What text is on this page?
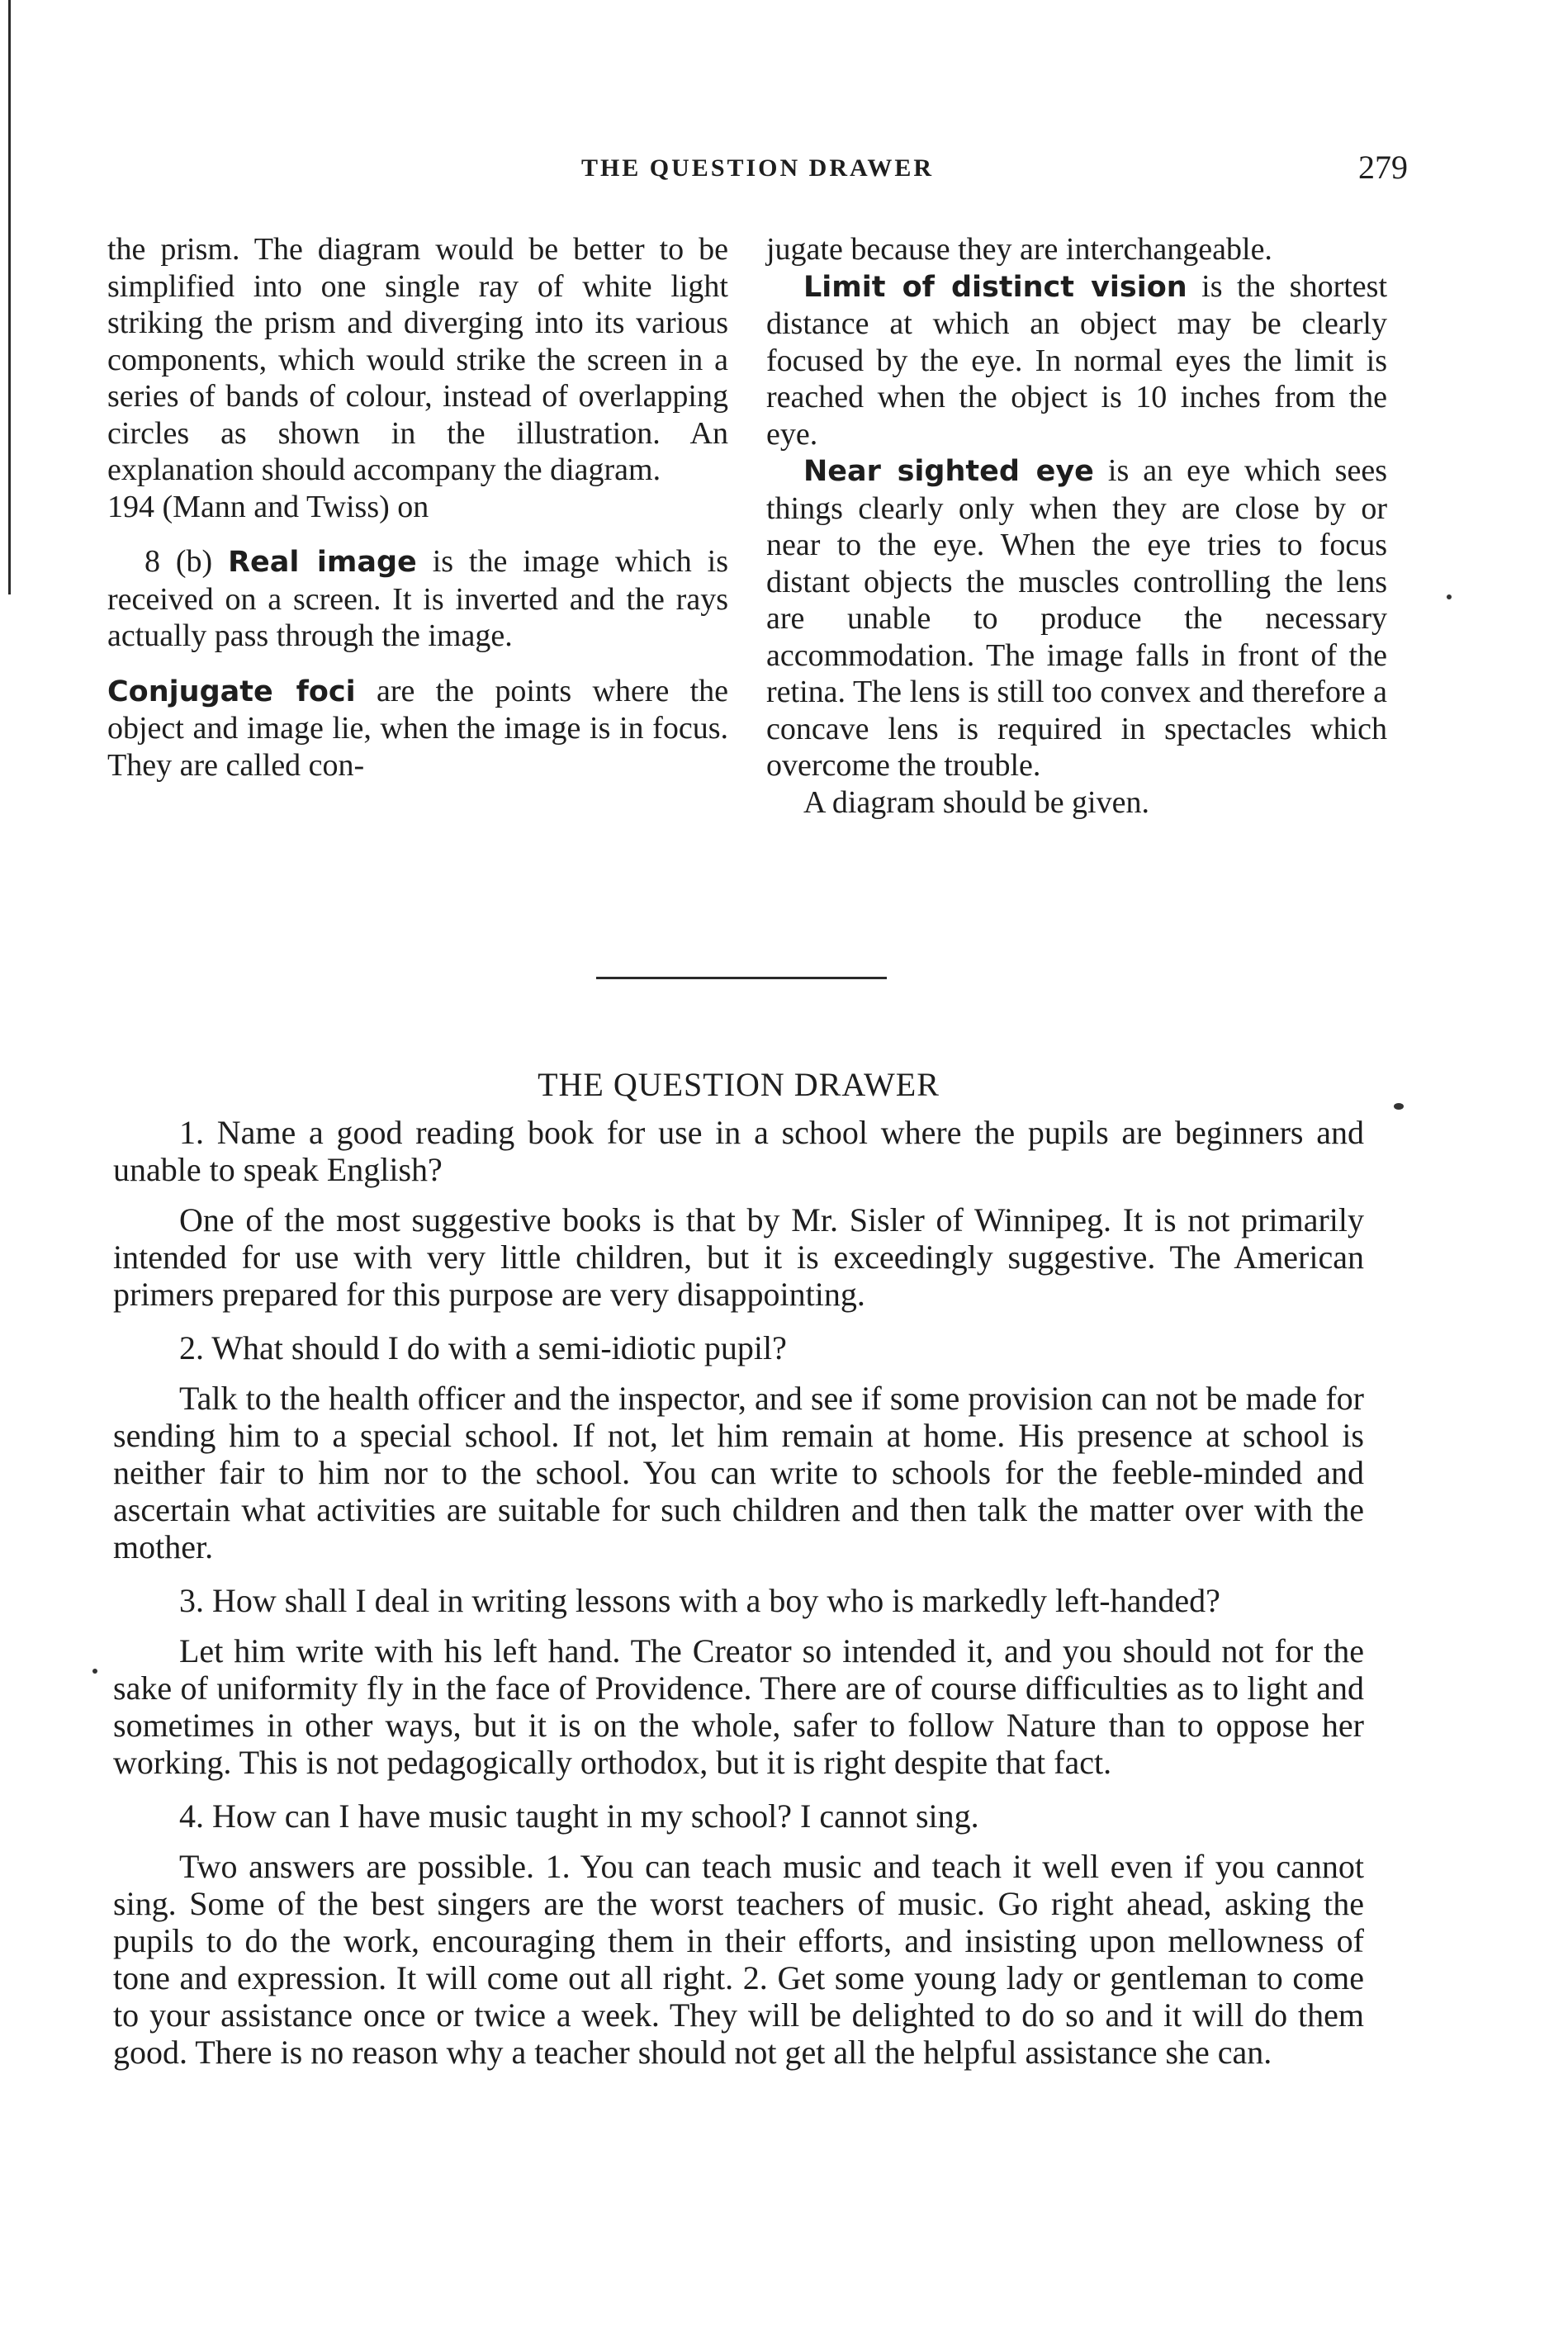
THE QUESTION DRAWER	279

the prism. The diagram would be better to be simplified into one single ray of white light striking the prism and diverging into its various components, which would strike the screen in a series of bands of colour, instead of overlapping circles as shown in the illustration. An explanation should accompany the diagram.

194 (Mann and Twiss) on

8 (b) Real image is the image which is received on a screen. It is inverted and the rays actually pass through the image.

Conjugate foci are the points where the object and image lie, when the image is in focus. They are called con-

jugate because they are interchangeable.

Limit of distinct vision is the shortest distance at which an object may be clearly focused by the eye. In normal eyes the limit is reached when the object is 10 inches from the eye.

Near sighted eye is an eye which sees things clearly only when they are close by or near to the eye. When the eye tries to focus distant objects the muscles controlling the lens are unable to produce the necessary accommodation. The image falls in front of the retina. The lens is still too convex and therefore a concave lens is required in spectacles which overcome the trouble.

A diagram should be given.

THE QUESTION DRAWER

1. Name a good reading book for use in a school where the pupils are beginners and unable to speak English?

One of the most suggestive books is that by Mr. Sisler of Winnipeg. It is not primarily intended for use with very little children, but it is exceedingly suggestive. The American primers prepared for this purpose are very disappointing.

2. What should I do with a semi-idiotic pupil?

Talk to the health officer and the inspector, and see if some provision can not be made for sending him to a special school. If not, let him remain at home. His presence at school is neither fair to him nor to the school. You can write to schools for the feeble-minded and ascertain what activities are suitable for such children and then talk the matter over with the mother.

3. How shall I deal in writing lessons with a boy who is markedly left-handed?

Let him write with his left hand. The Creator so intended it, and you should not for the sake of uniformity fly in the face of Providence. There are of course difficulties as to light and sometimes in other ways, but it is on the whole, safer to follow Nature than to oppose her working. This is not pedagogically orthodox, but it is right despite that fact.

4. How can I have music taught in my school? I cannot sing.

Two answers are possible. 1. You can teach music and teach it well even if you cannot sing. Some of the best singers are the worst teachers of music. Go right ahead, asking the pupils to do the work, encouraging them in their efforts, and insisting upon mellowness of tone and expression. It will come out all right. 2. Get some young lady or gentleman to come to your assistance once or twice a week. They will be delighted to do so and it will do them good. There is no reason why a teacher should not get all the helpful assistance she can.
